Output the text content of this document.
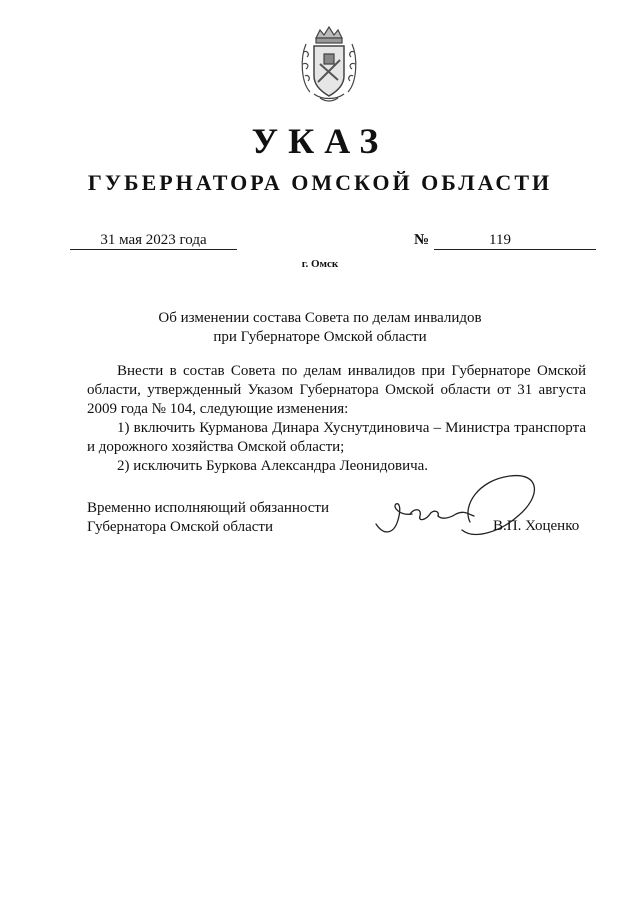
УКАЗ
ГУБЕРНАТОРА ОМСКОЙ ОБЛАСТИ
31 мая 2023 года	№	119
г. Омск
Об изменении состава Совета по делам инвалидов
при Губернаторе Омской области

Внести в состав Совета по делам инвалидов при Губернаторе Омской области, утвержденный Указом Губернатора Омской области от 31 августа 2009 года № 104, следующие изменения:

1) включить Курманова Динара Хуснутдиновича – Министра транспорта и дорожного хозяйства Омской области;

2) исключить Буркова Александра Леонидовича.

Временно исполняющий обязанности
Губернатора Омской области	В.П. Хоценко
